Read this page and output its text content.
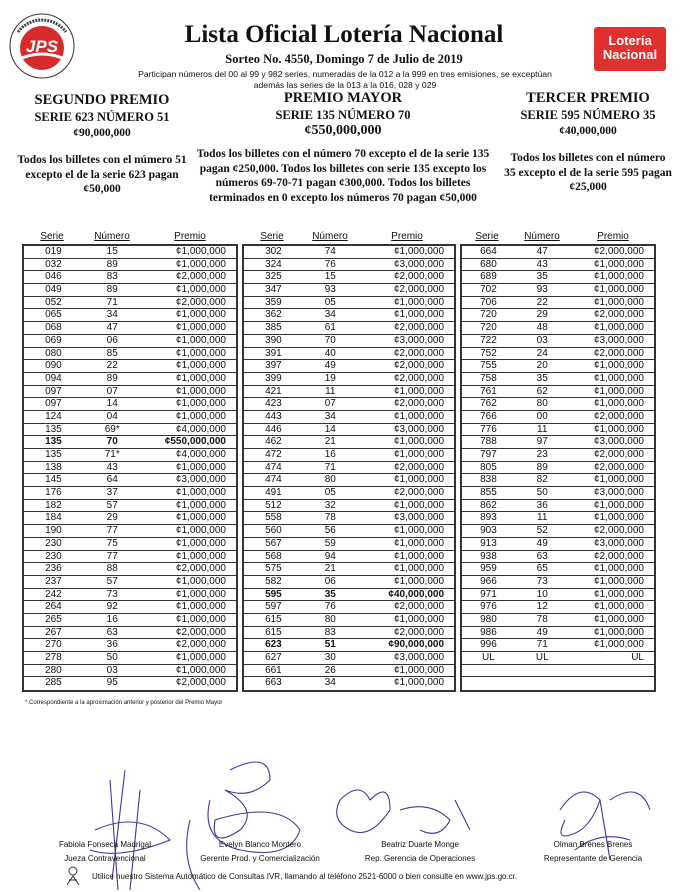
JPS	Lotería
Nacional
Lista Oficial Lotería Nacional
Sorteo No. 4550, Domingo 7 de Julio de 2019
Participan números del 00 al 99 y 982 series, numeradas de la 012 a la 999 en tres emisiones, se exceptúan
además las series de la 013 a la 016, 028 y 029
SEGUNDO PREMIO
SERIE 623 NÚMERO 51
¢90,000,000
Todos los billetes con el número 51 excepto el de la serie 623 pagan ¢50,000
PREMIO MAYOR
SERIE 135 NÚMERO 70
¢550,000,000
Todos los billetes con el número 70 excepto el de la serie 135 pagan ¢250,000. Todos los billetes con serie 135 excepto los números 69-70-71 pagan ¢300,000. Todos los billetes terminados en 0 excepto los números 70 pagan ¢50,000
TERCER PREMIO
SERIE 595 NÚMERO 35
¢40,000,000
Todos los billetes con el número 35 excepto el de la serie 595 pagan ¢25,000
Serie	Número	Premio
019	15	¢1,000,000
032	89	¢1,000,000
046	83	¢2,000,000
049	89	¢1,000,000
052	71	¢2,000,000
065	34	¢1,000,000
068	47	¢1,000,000
069	06	¢1,000,000
080	85	¢1,000,000
090	22	¢1,000,000
094	89	¢1,000,000
097	07	¢1,000,000
097	14	¢1,000,000
124	04	¢1,000,000
135	69*	¢4,000,000
135	70	¢550,000,000
135	71*	¢4,000,000
138	43	¢1,000,000
145	64	¢3,000,000
176	37	¢1,000,000
182	57	¢1,000,000
184	29	¢1,000,000
190	77	¢1,000,000
230	75	¢1,000,000
230	77	¢1,000,000
236	88	¢2,000,000
237	57	¢1,000,000
242	73	¢1,000,000
264	92	¢1,000,000
265	16	¢1,000,000
267	63	¢2,000,000
270	36	¢2,000,000
278	50	¢1,000,000
280	03	¢1,000,000
285	95	¢2,000,000
Serie	Número	Premio
302	74	¢1,000,000
324	76	¢3,000,000
325	15	¢2,000,000
347	93	¢2,000,000
359	05	¢1,000,000
362	34	¢1,000,000
385	61	¢2,000,000
390	70	¢3,000,000
391	40	¢2,000,000
397	49	¢2,000,000
399	19	¢2,000,000
421	11	¢1,000,000
423	07	¢2,000,000
443	34	¢1,000,000
446	14	¢3,000,000
462	21	¢1,000,000
472	16	¢1,000,000
474	71	¢2,000,000
474	80	¢1,000,000
491	05	¢2,000,000
512	32	¢1,000,000
558	78	¢3,000,000
560	56	¢1,000,000
567	59	¢1,000,000
568	94	¢1,000,000
575	21	¢1,000,000
582	06	¢1,000,000
595	35	¢40,000,000
597	76	¢2,000,000
615	80	¢1,000,000
615	83	¢2,000,000
623	51	¢90,000,000
627	30	¢3,000,000
661	26	¢1,000,000
663	34	¢1,000,000
Serie	Número	Premio
664	47	¢2,000,000
680	43	¢1,000,000
689	35	¢1,000,000
702	93	¢1,000,000
706	22	¢1,000,000
720	29	¢2,000,000
720	48	¢1,000,000
722	03	¢3,000,000
752	24	¢2,000,000
755	20	¢1,000,000
758	35	¢1,000,000
761	62	¢1,000,000
762	80	¢1,000,000
766	00	¢2,000,000
776	11	¢1,000,000
788	97	¢3,000,000
797	23	¢2,000,000
805	89	¢2,000,000
838	82	¢1,000,000
855	50	¢3,000,000
862	36	¢1,000,000
893	11	¢1,000,000
903	52	¢2,000,000
913	49	¢3,000,000
938	63	¢2,000,000
959	65	¢1,000,000
966	73	¢1,000,000
971	10	¢1,000,000
976	12	¢1,000,000
980	78	¢1,000,000
986	49	¢1,000,000
996	71	¢1,000,000
UL	UL	UL
* Correspondiente a la aproximación anterior y posterior del Premio Mayor
Fabiola Fonseca Madrigal
Jueza Contravencional
Evelyn Blanco Montero
Gerente Prod. y Comercialización
Beatriz Duarte Monge
Rep. Gerencia de Operaciones
Olman Brenes Brenes
Representante de Gerencia
Utilice nuestro Sistema Automático de Consultas IVR, llamando al teléfono 2521-6000 o bien consulte en www.jps.go.cr.
